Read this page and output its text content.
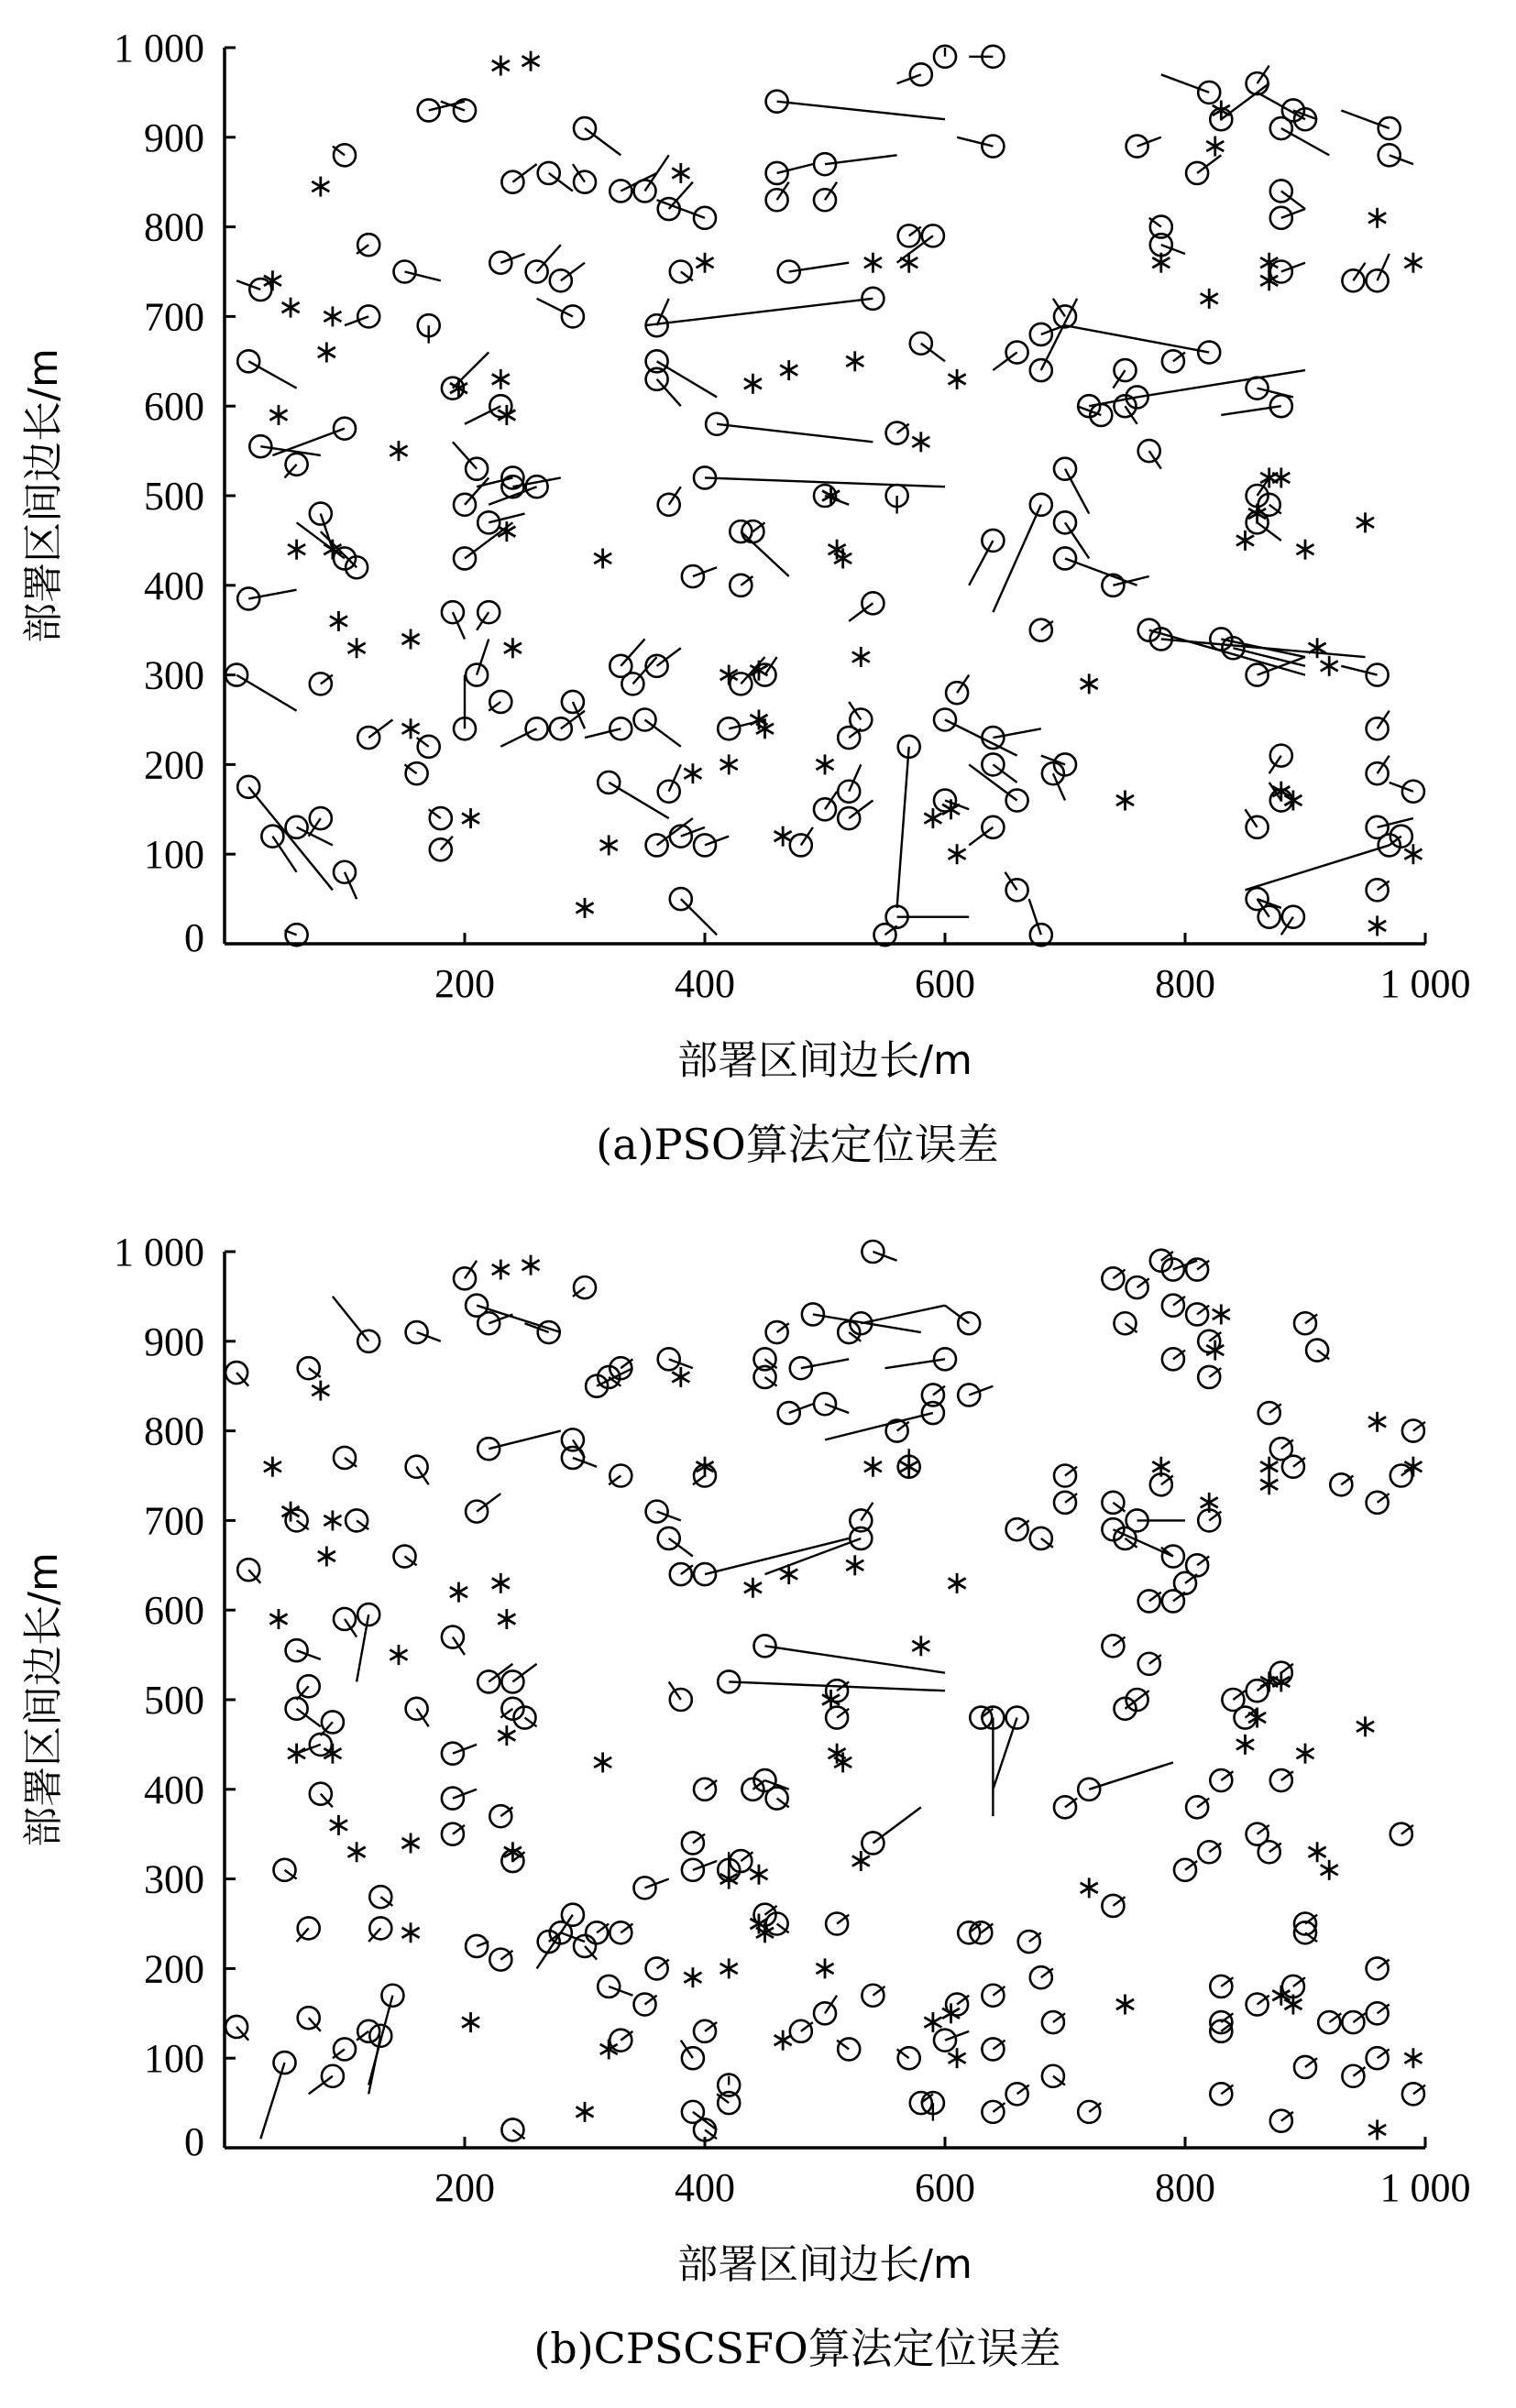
0
200	400	600	800	1 000
100
200
300
400
500
600
700
800
900
1 000
部署区间边长/m
部署区间边长/m
(a)PSO算法定位误差
0
200	400	600	800	1 000
100
200
300
400
500
600
700
800
900
1 000
部署区间边长/m
部署区间边长/m
(b)CPSCSFO算法定位误差
